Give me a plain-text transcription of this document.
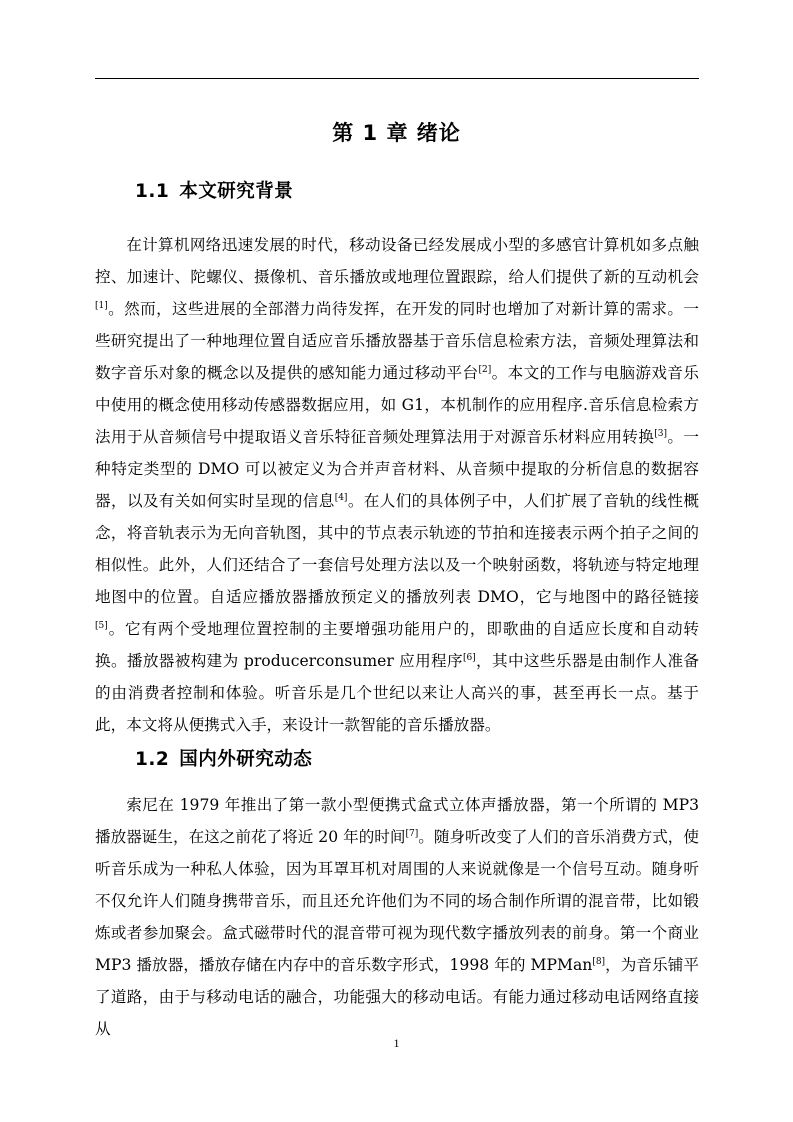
第 1 章 绪论
1.1 本文研究背景

在计算机网络迅速发展的时代，移动设备已经发展成小型的多感官计算机如多点触控、加速计、陀螺仪、摄像机、音乐播放或地理位置跟踪，给人们提供了新的互动机会[1]。然而，这些进展的全部潜力尚待发挥，在开发的同时也增加了对新计算的需求。一些研究提出了一种地理位置自适应音乐播放器基于音乐信息检索方法，音频处理算法和数字音乐对象的概念以及提供的感知能力通过移动平台[2]。本文的工作与电脑游戏音乐中使用的概念使用移动传感器数据应用，如 G1，本机制作的应用程序.音乐信息检索方法用于从音频信号中提取语义音乐特征音频处理算法用于对源音乐材料应用转换[3]。一种特定类型的 DMO 可以被定义为合并声音材料、从音频中提取的分析信息的数据容器，以及有关如何实时呈现的信息[4]。在人们的具体例子中，人们扩展了音轨的线性概念，将音轨表示为无向音轨图，其中的节点表示轨迹的节拍和连接表示两个拍子之间的相似性。此外，人们还结合了一套信号处理方法以及一个映射函数，将轨迹与特定地理地图中的位置。自适应播放器播放预定义的播放列表 DMO，它与地图中的路径链接[5]。它有两个受地理位置控制的主要增强功能用户的，即歌曲的自适应长度和自动转换。播放器被构建为 producerconsumer 应用程序[6]，其中这些乐器是由制作人准备的由消费者控制和体验。听音乐是几个世纪以来让人高兴的事，甚至再长一点。基于此，本文将从便携式入手，来设计一款智能的音乐播放器。

1.2 国内外研究动态

索尼在 1979 年推出了第一款小型便携式盒式立体声播放器，第一个所谓的 MP3 播放器诞生，在这之前花了将近 20 年的时间[7]。随身听改变了人们的音乐消费方式，使听音乐成为一种私人体验，因为耳罩耳机对周围的人来说就像是一个信号互动。随身听不仅允许人们随身携带音乐，而且还允许他们为不同的场合制作所谓的混音带，比如锻炼或者参加聚会。盒式磁带时代的混音带可视为现代数字播放列表的前身。第一个商业 MP3 播放器，播放存储在内存中的音乐数字形式，1998 年的 MPMan[8]，为音乐铺平了道路，由于与移动电话的融合，功能强大的移动电话。有能力通过移动电话网络直接从

1
